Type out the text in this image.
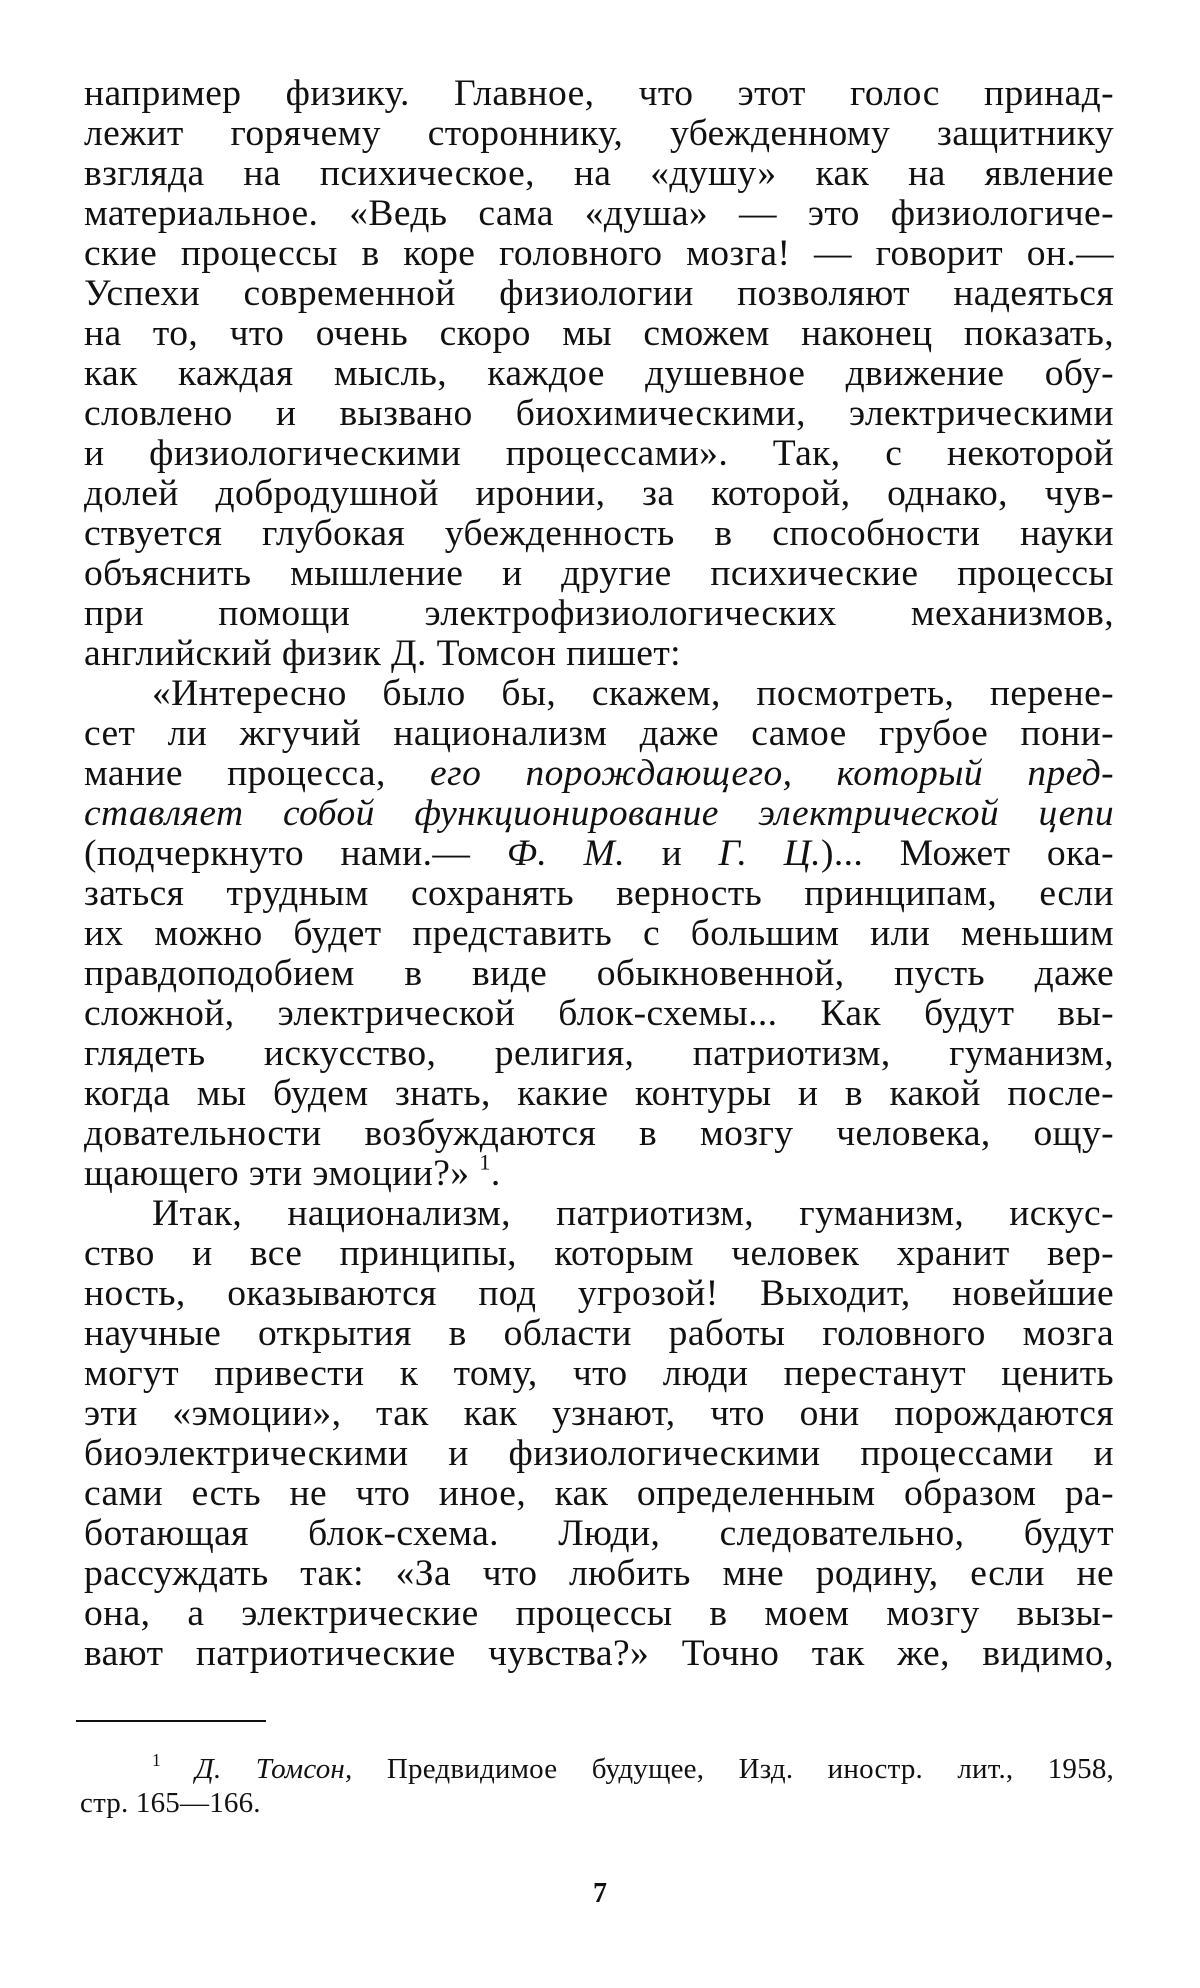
например физику. Главное, что этот голос принад-
лежит горячему стороннику, убежденному защитнику
взгляда на психическое, на «душу» как на явление
материальное. «Ведь сама «душа» — это физиологиче-
ские процессы в коре головного мозга! — говорит он.—
Успехи современной физиологии позволяют надеяться
на то, что очень скоро мы сможем наконец показать,
как каждая мысль, каждое душевное движение обу-
словлено и вызвано биохимическими, электрическими
и физиологическими процессами». Так, с некоторой
долей добродушной иронии, за которой, однако, чув-
ствуется глубокая убежденность в способности науки
объяснить мышление и другие психические процессы
при помощи электрофизиологических механизмов,
английский физик Д. Томсон пишет:

«Интересно было бы, скажем, посмотреть, перене-
сет ли жгучий национализм даже самое грубое пони-
мание процесса, его порождающего, который пред-
ставляет собой функционирование электрической цепи
(подчеркнуто нами.— Ф. М. и Г. Ц.)... Может ока-
заться трудным сохранять верность принципам, если
их можно будет представить с большим или меньшим
правдоподобием в виде обыкновенной, пусть даже
сложной, электрической блок-схемы... Как будут вы-
глядеть искусство, религия, патриотизм, гуманизм,
когда мы будем знать, какие контуры и в какой после-
довательности возбуждаются в мозгу человека, ощу-
щающего эти эмоции?» $^1$.

Итак, национализм, патриотизм, гуманизм, искус-
ство и все принципы, которым человек хранит вер-
ность, оказываются под угрозой! Выходит, новейшие
научные открытия в области работы головного мозга
могут привести к тому, что люди перестанут ценить
эти «эмоции», так как узнают, что они порождаются
биоэлектрическими и физиологическими процессами и
сами есть не что иное, как определенным образом ра-
ботающая блок-схема. Люди, следовательно, будут
рассуждать так: «За что любить мне родину, если не
она, а электрические процессы в моем мозгу вызы-
вают патриотические чувства?» Точно так же, видимо,

$^1$ Д. Томсон, Предвидимое будущее, Изд. иностр. лит., 1958,
стр. 165—166.
7
